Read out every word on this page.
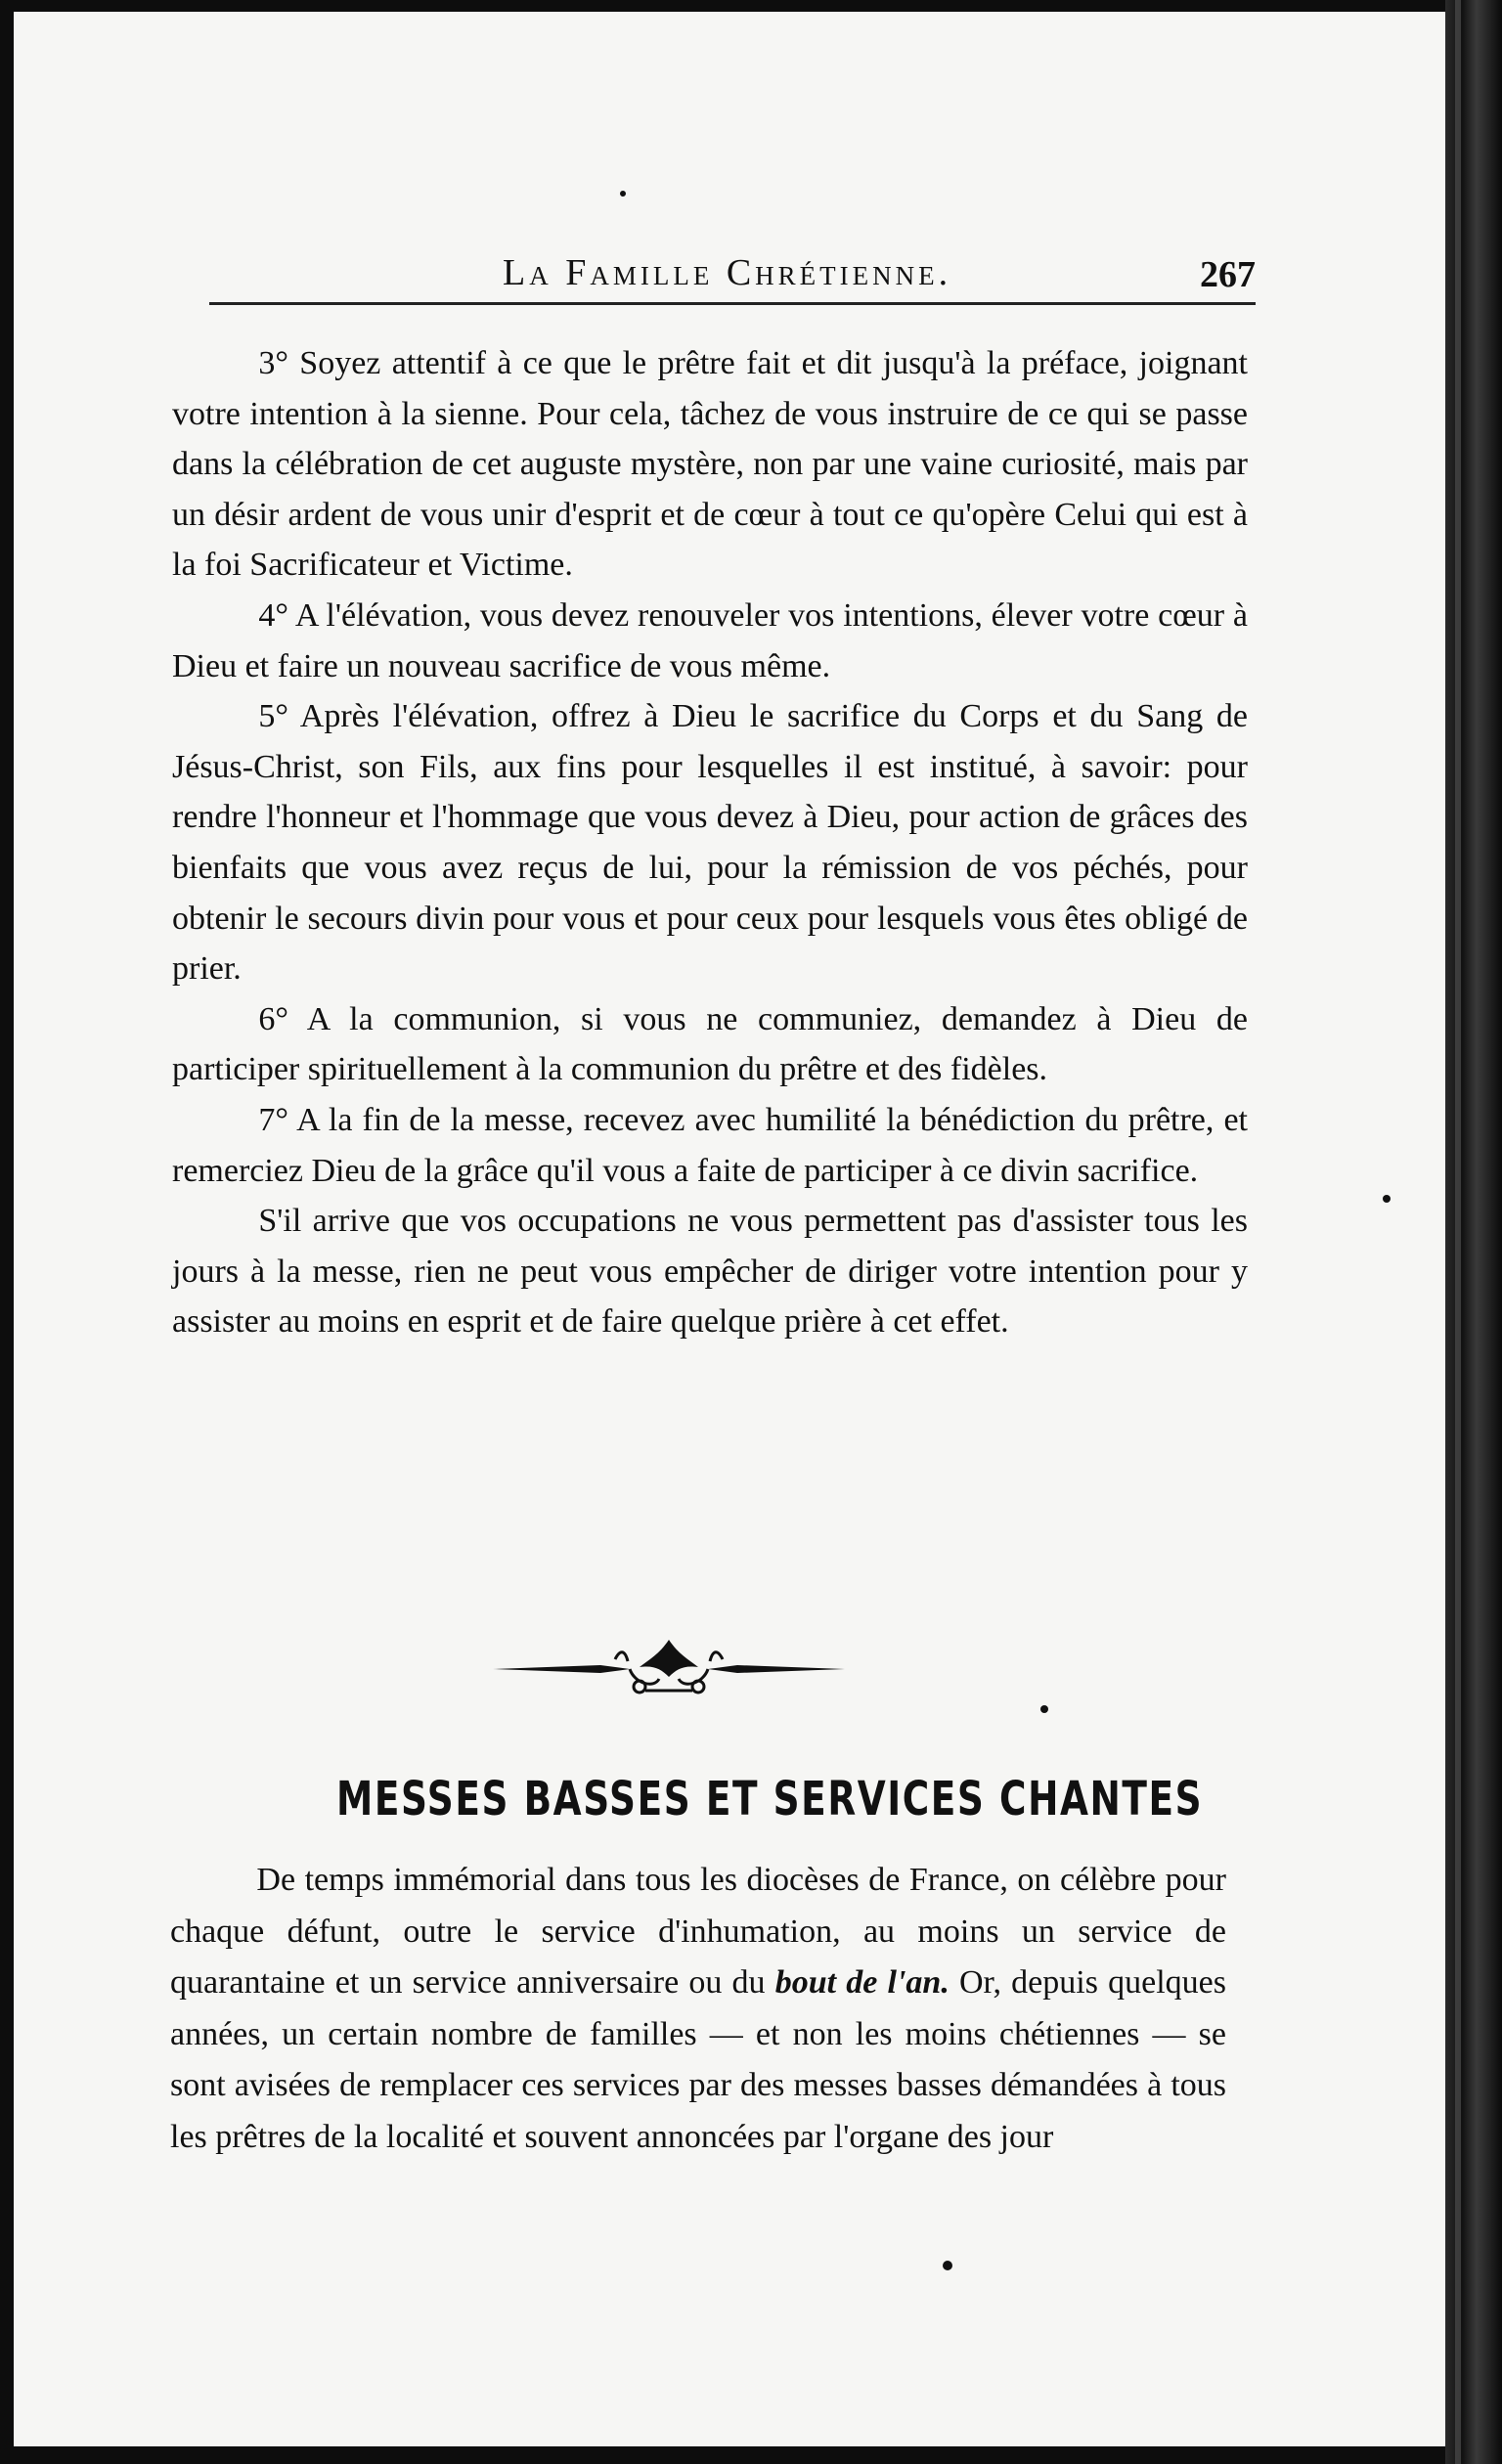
La Famille Chrétienne.	267

3° Soyez attentif à ce que le prêtre fait et dit jusqu'à la préface, joignant votre intention à la sienne. Pour cela, tâchez de vous instruire de ce qui se passe dans la célébration de cet auguste mystère, non par une vaine curiosité, mais par un désir ardent de vous unir d'esprit et de cœur à tout ce qu'opère Celui qui est à la foi Sacrificateur et Victime.

4° A l'élévation, vous devez renouveler vos intentions, élever votre cœur à Dieu et faire un nouveau sacrifice de vous même.

5° Après l'élévation, offrez à Dieu le sacrifice du Corps et du Sang de Jésus-Christ, son Fils, aux fins pour lesquelles il est institué, à savoir: pour rendre l'honneur et l'hommage que vous devez à Dieu, pour action de grâces des bienfaits que vous avez reçus de lui, pour la rémission de vos péchés, pour obtenir le secours divin pour vous et pour ceux pour lesquels vous êtes obligé de prier.

6° A la communion, si vous ne communiez, demandez à Dieu de participer spirituellement à la communion du prêtre et des fidèles.

7° A la fin de la messe, recevez avec humilité la bénédiction du prêtre, et remerciez Dieu de la grâce qu'il vous a faite de participer à ce divin sacrifice.

S'il arrive que vos occupations ne vous permettent pas d'assister tous les jours à la messe, rien ne peut vous empêcher de diriger votre intention pour y assister au moins en esprit et de faire quelque prière à cet effet.

MESSES BASSES ET SERVICES CHANTES

De temps immémorial dans tous les diocèses de France, on célèbre pour chaque défunt, outre le service d'inhumation, au moins un service de quarantaine et un service anniversaire ou du bout de l'an. Or, depuis quelques années, un certain nombre de familles — et non les moins chétiennes — se sont avisées de remplacer ces services par des messes basses démandées à tous les prêtres de la localité et souvent annoncées par l'organe des jour
